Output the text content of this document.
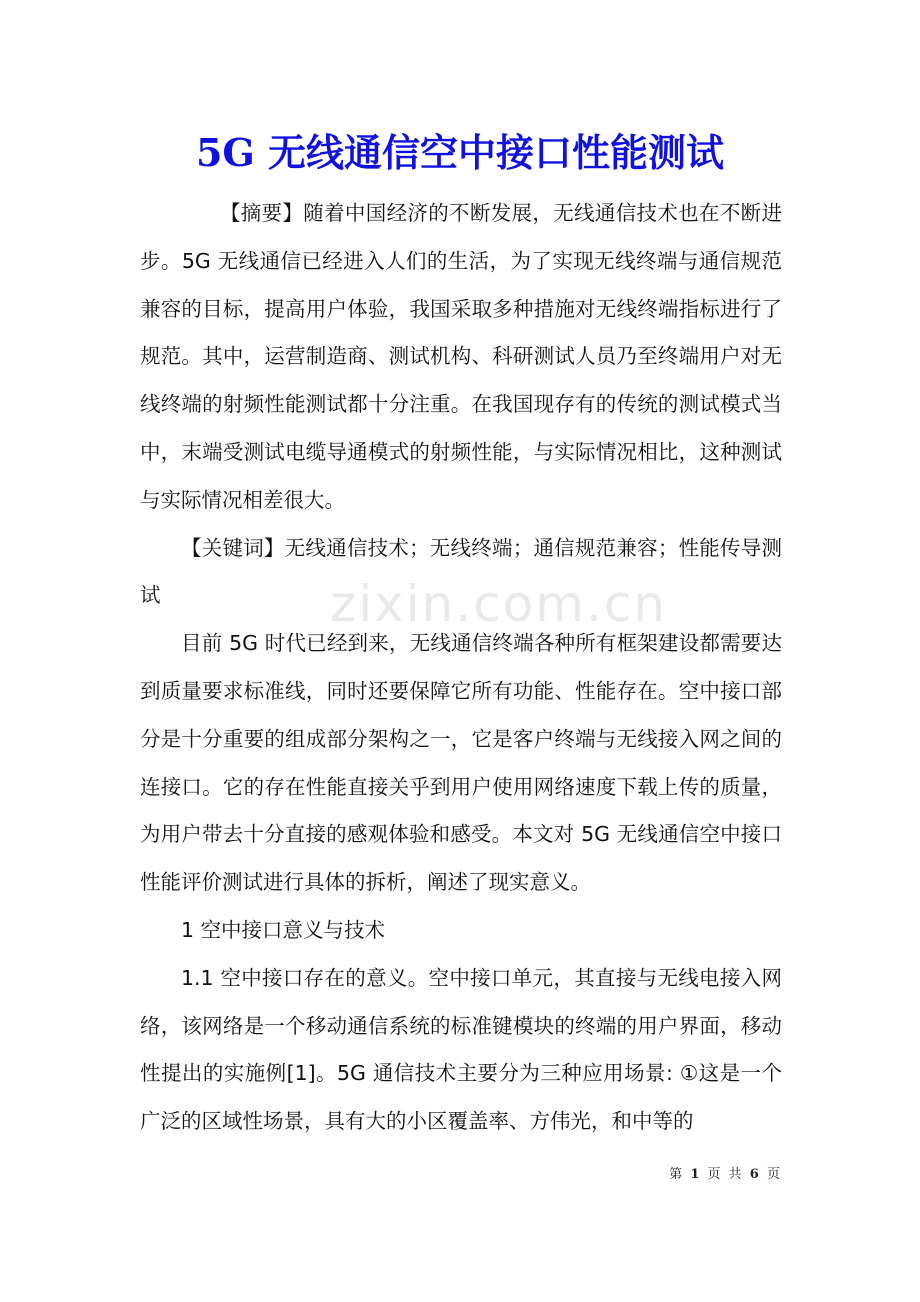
5G 无线通信空中接口性能测试
zixin.com.cn

【摘要】随着中国经济的不断发展，无线通信技术也在不断进步。5G 无线通信已经进入人们的生活，为了实现无线终端与通信规范兼容的目标，提高用户体验，我国采取多种措施对无线终端指标进行了规范。其中，运营制造商、测试机构、科研测试人员乃至终端用户对无线终端的射频性能测试都十分注重。在我国现存有的传统的测试模式当中，末端受测试电缆导通模式的射频性能，与实际情况相比，这种测试与实际情况相差很大。

【关键词】无线通信技术；无线终端；通信规范兼容；性能传导测试

目前 5G 时代已经到来，无线通信终端各种所有框架建设都需要达到质量要求标准线，同时还要保障它所有功能、性能存在。空中接口部分是十分重要的组成部分架构之一，它是客户终端与无线接入网之间的连接口。它的存在性能直接关乎到用户使用网络速度下载上传的质量，为用户带去十分直接的感观体验和感受。本文对 5G 无线通信空中接口性能评价测试进行具体的拆析，阐述了现实意义。

1 空中接口意义与技术

1.1 空中接口存在的意义。空中接口单元，其直接与无线电接入网络，该网络是一个移动通信系统的标准键模块的终端的用户界面，移动性提出的实施例[1]。5G 通信技术主要分为三种应用场景: ①这是一个广泛的区域性场景，具有大的小区覆盖率、方伟光，和中等的

第 1 页 共 6 页
